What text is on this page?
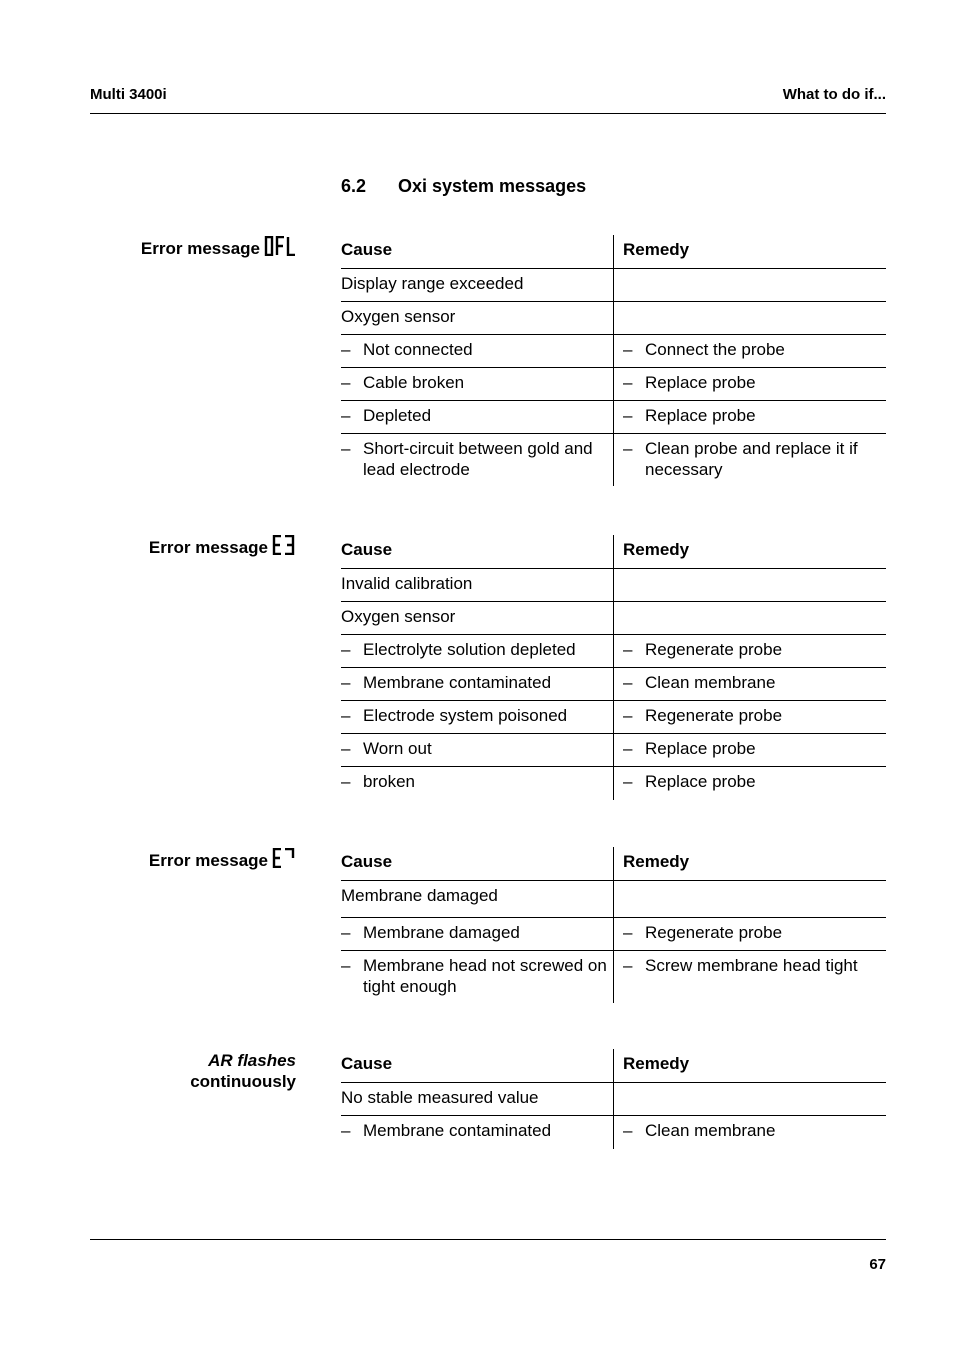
Multi 3400i	What to do if...
6.2 Oxi system messages
Error message	Cause	Remedy
Display range exceeded	
Oxygen sensor	

– Not connected	– Connect the probe

– Cable broken	– Replace probe

– Depleted	– Replace probe

– Short-circuit between gold and lead electrode	– Clean probe and replace it if necessary
Error message	Cause	Remedy
Invalid calibration	
Oxygen sensor	

– Electrolyte solution depleted	– Regenerate probe

– Membrane contaminated	– Clean membrane

– Electrode system poisoned	– Regenerate probe

– Worn out	– Replace probe

– broken	– Replace probe
Error message	Cause	Remedy
Membrane damaged	

– Membrane damaged	– Regenerate probe

– Membrane head not screwed on tight enough	– Screw membrane head tight
AR flashes
continuously
Cause	Remedy
No stable measured value	

– Membrane contaminated	– Clean membrane
67
